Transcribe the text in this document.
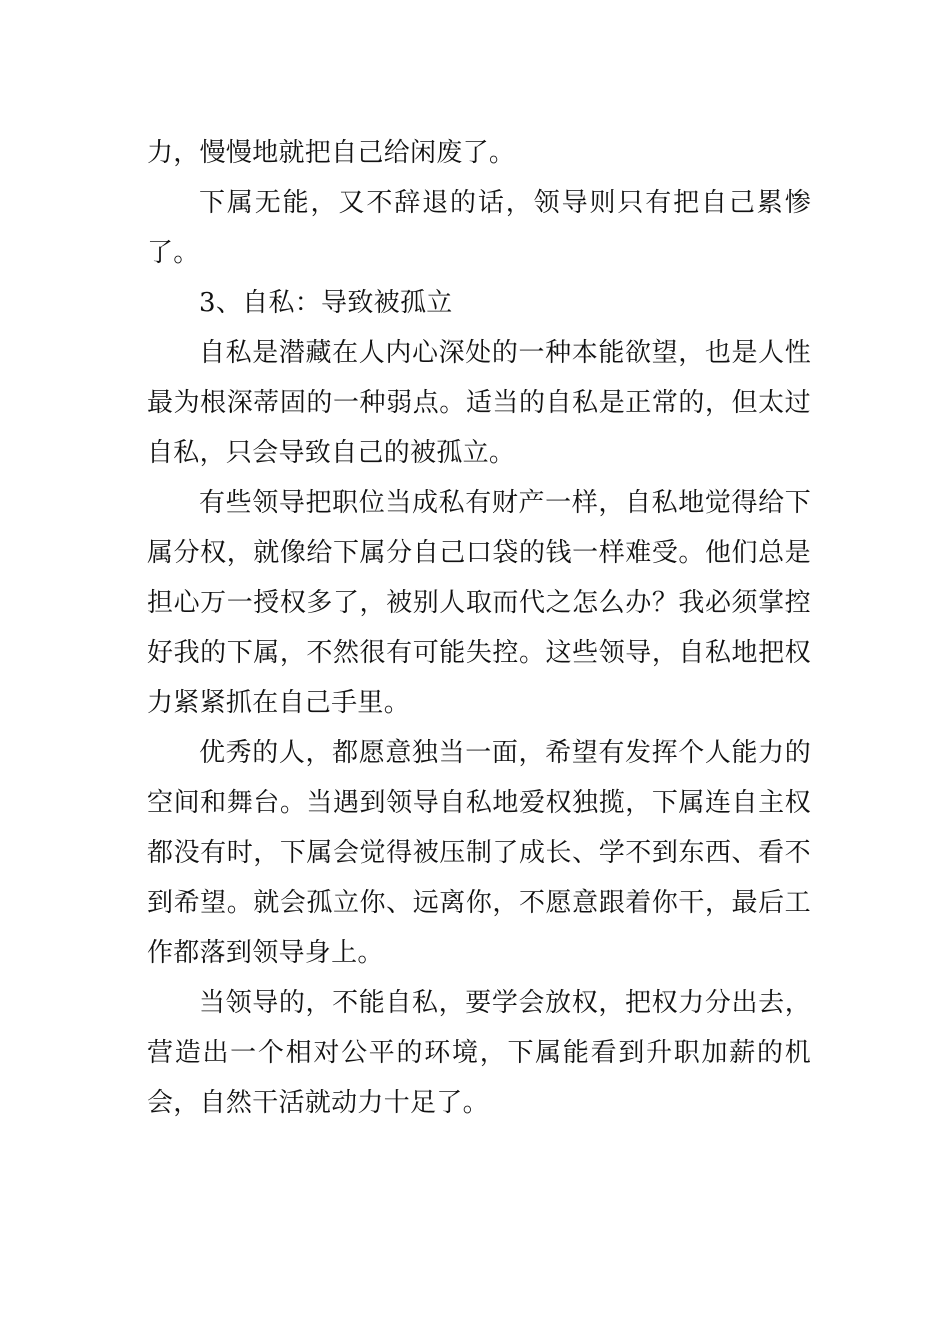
力，慢慢地就把自己给闲废了。

下属无能，又不辞退的话，领导则只有把自己累惨了。

3、自私：导致被孤立

自私是潜藏在人内心深处的一种本能欲望，也是人性最为根深蒂固的一种弱点。适当的自私是正常的，但太过自私，只会导致自己的被孤立。

有些领导把职位当成私有财产一样，自私地觉得给下属分权，就像给下属分自己口袋的钱一样难受。他们总是担心万一授权多了，被别人取而代之怎么办？我必须掌控好我的下属，不然很有可能失控。这些领导，自私地把权力紧紧抓在自己手里。

优秀的人，都愿意独当一面，希望有发挥个人能力的空间和舞台。当遇到领导自私地爱权独揽，下属连自主权都没有时，下属会觉得被压制了成长、学不到东西、看不到希望。就会孤立你、远离你，不愿意跟着你干，最后工作都落到领导身上。

当领导的，不能自私，要学会放权，把权力分出去，营造出一个相对公平的环境，下属能看到升职加薪的机会，自然干活就动力十足了。
